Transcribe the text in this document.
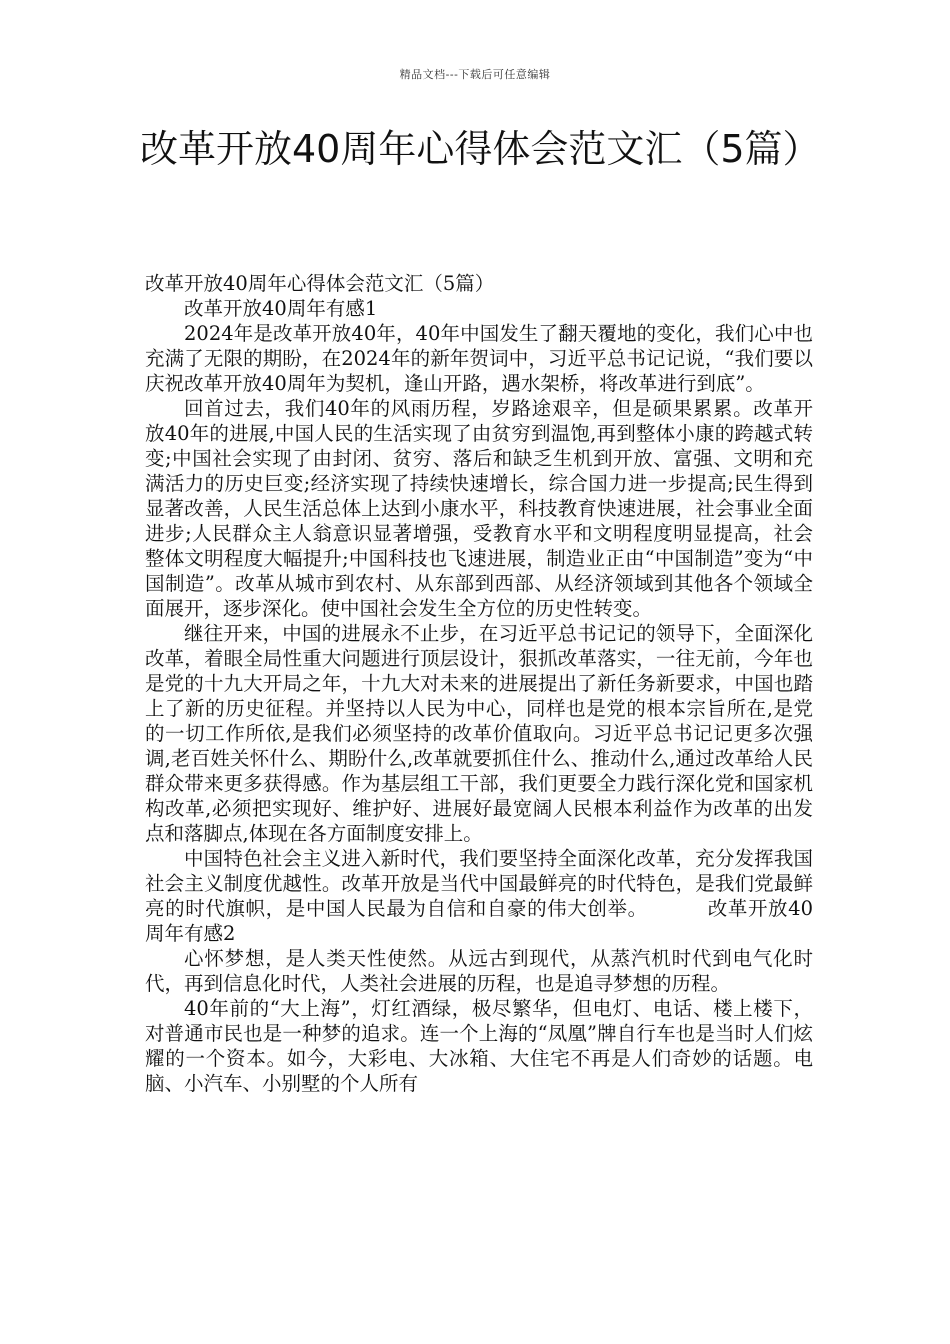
精品文档---下载后可任意编辑
改革开放40周年心得体会范文汇（5篇）

改革开放40周年心得体会范文汇（5篇）

改革开放40周年有感1

2024年是改革开放40年，40年中国发生了翻天覆地的变化，我们心中也充满了无限的期盼，在2024年的新年贺词中，习近平总书记记说，“我们要以庆祝改革开放40周年为契机，逢山开路，遇水架桥，将改革进行到底”。

回首过去，我们40年的风雨历程，岁路途艰辛，但是硕果累累。改革开放40年的进展,中国人民的生活实现了由贫穷到温饱,再到整体小康的跨越式转变;中国社会实现了由封闭、贫穷、落后和缺乏生机到开放、富强、文明和充满活力的历史巨变;经济实现了持续快速增长，综合国力进一步提高;民生得到显著改善，人民生活总体上达到小康水平，科技教育快速进展，社会事业全面进步;人民群众主人翁意识显著增强，受教育水平和文明程度明显提高，社会整体文明程度大幅提升;中国科技也飞速进展，制造业正由“中国制造”变为“中国制造”。改革从城市到农村、从东部到西部、从经济领域到其他各个领域全面展开，逐步深化。使中国社会发生全方位的历史性转变。

继往开来，中国的进展永不止步，在习近平总书记记的领导下，全面深化改革，着眼全局性重大问题进行顶层设计，狠抓改革落实，一往无前，今年也是党的十九大开局之年，十九大对未来的进展提出了新任务新要求，中国也踏上了新的历史征程。并坚持以人民为中心，同样也是党的根本宗旨所在,是党的一切工作所依,是我们必须坚持的改革价值取向。习近平总书记记更多次强调,老百姓关怀什么、期盼什么,改革就要抓住什么、推动什么,通过改革给人民群众带来更多获得感。作为基层组工干部，我们更要全力践行深化党和国家机构改革,必须把实现好、维护好、进展好最宽阔人民根本利益作为改革的出发点和落脚点,体现在各方面制度安排上。

中国特色社会主义进入新时代，我们要坚持全面深化改革，充分发挥我国社会主义制度优越性。改革开放是当代中国最鲜亮的时代特色，是我们党最鲜亮的时代旗帜，是中国人民最为自信和自豪的伟大创举。	改革开放40周年有感2

心怀梦想，是人类天性使然。从远古到现代，从蒸汽机时代到电气化时代，再到信息化时代，人类社会进展的历程，也是追寻梦想的历程。

40年前的“大上海”，灯红酒绿，极尽繁华，但电灯、电话、楼上楼下，对普通市民也是一种梦的追求。连一个上海的“凤凰”牌自行车也是当时人们炫耀的一个资本。如今，大彩电、大冰箱、大住宅不再是人们奇妙的话题。电脑、小汽车、小别墅的个人所有
